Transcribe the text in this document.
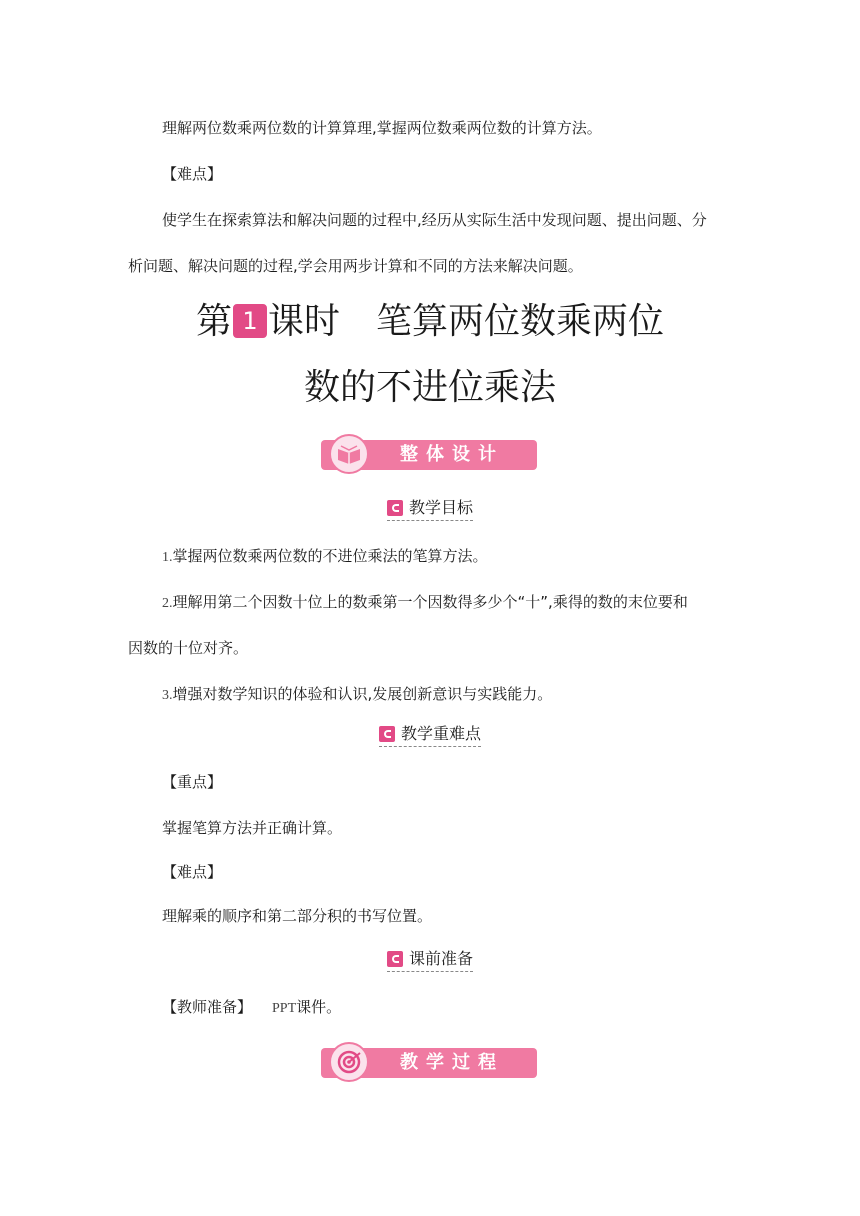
理解两位数乘两位数的计算算理,掌握两位数乘两位数的计算方法。
【难点】
使学生在探索算法和解决问题的过程中,经历从实际生活中发现问题、提出问题、分
析问题、解决问题的过程,学会用两步计算和不同的方法来解决问题。
第 1 课时　笔算两位数乘两位
数的不进位乘法
整体设计
教学目标
1.掌握两位数乘两位数的不进位乘法的笔算方法。
2.理解用第二个因数十位上的数乘第一个因数得多少个“十”,乘得的数的末位要和
因数的十位对齐。
3.增强对数学知识的体验和认识,发展创新意识与实践能力。
教学重难点
【重点】
掌握笔算方法并正确计算。
【难点】
理解乘的顺序和第二部分积的书写位置。
课前准备
【教师准备】 PPT课件。
教学过程
